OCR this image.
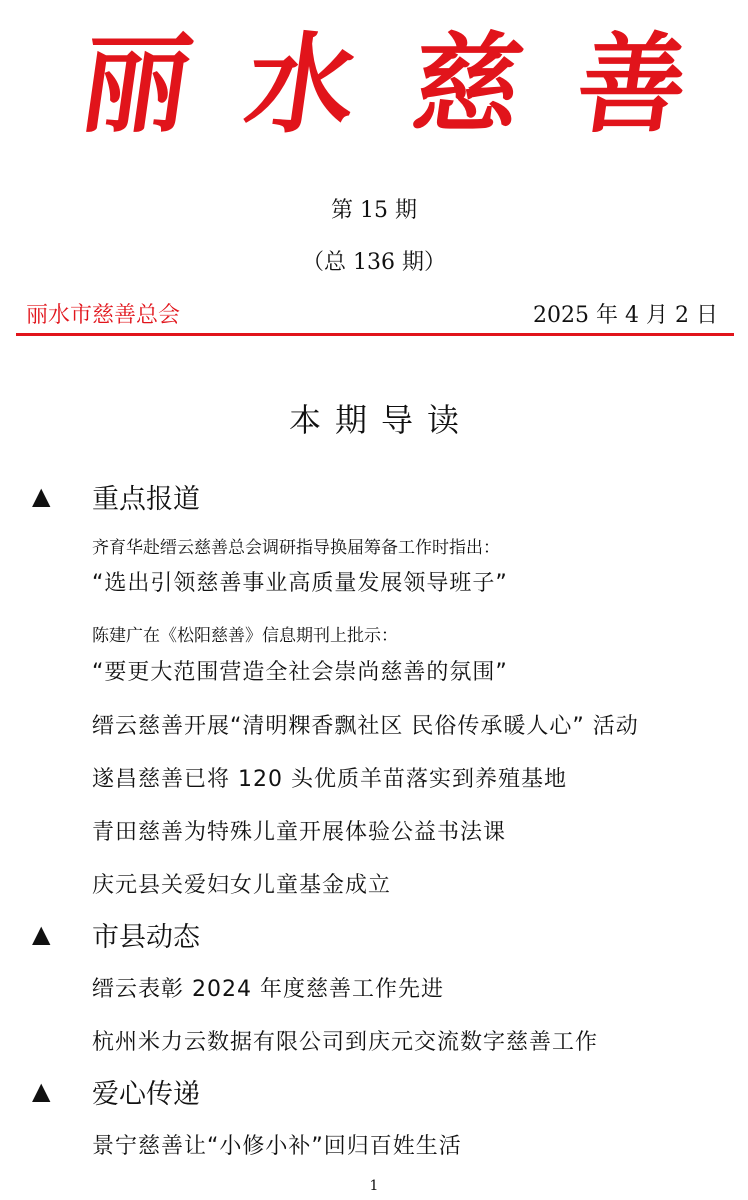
丽 水 慈 善
第 15 期
（总 136 期）
丽水市慈善总会	2025 年 4 月 2 日
本期导读
▲	重点报道
齐育华赴缙云慈善总会调研指导换届筹备工作时指出：
“选出引领慈善事业高质量发展领导班子”
陈建广在《松阳慈善》信息期刊上批示：
“要更大范围营造全社会崇尚慈善的氛围”
缙云慈善开展“清明粿香飘社区 民俗传承暖人心” 活动
遂昌慈善已将 120 头优质羊苗落实到养殖基地
青田慈善为特殊儿童开展体验公益书法课
庆元县关爱妇女儿童基金成立
▲	市县动态
缙云表彰 2024 年度慈善工作先进
杭州米力云数据有限公司到庆元交流数字慈善工作
▲	爱心传递
景宁慈善让“小修小补”回归百姓生活
1
